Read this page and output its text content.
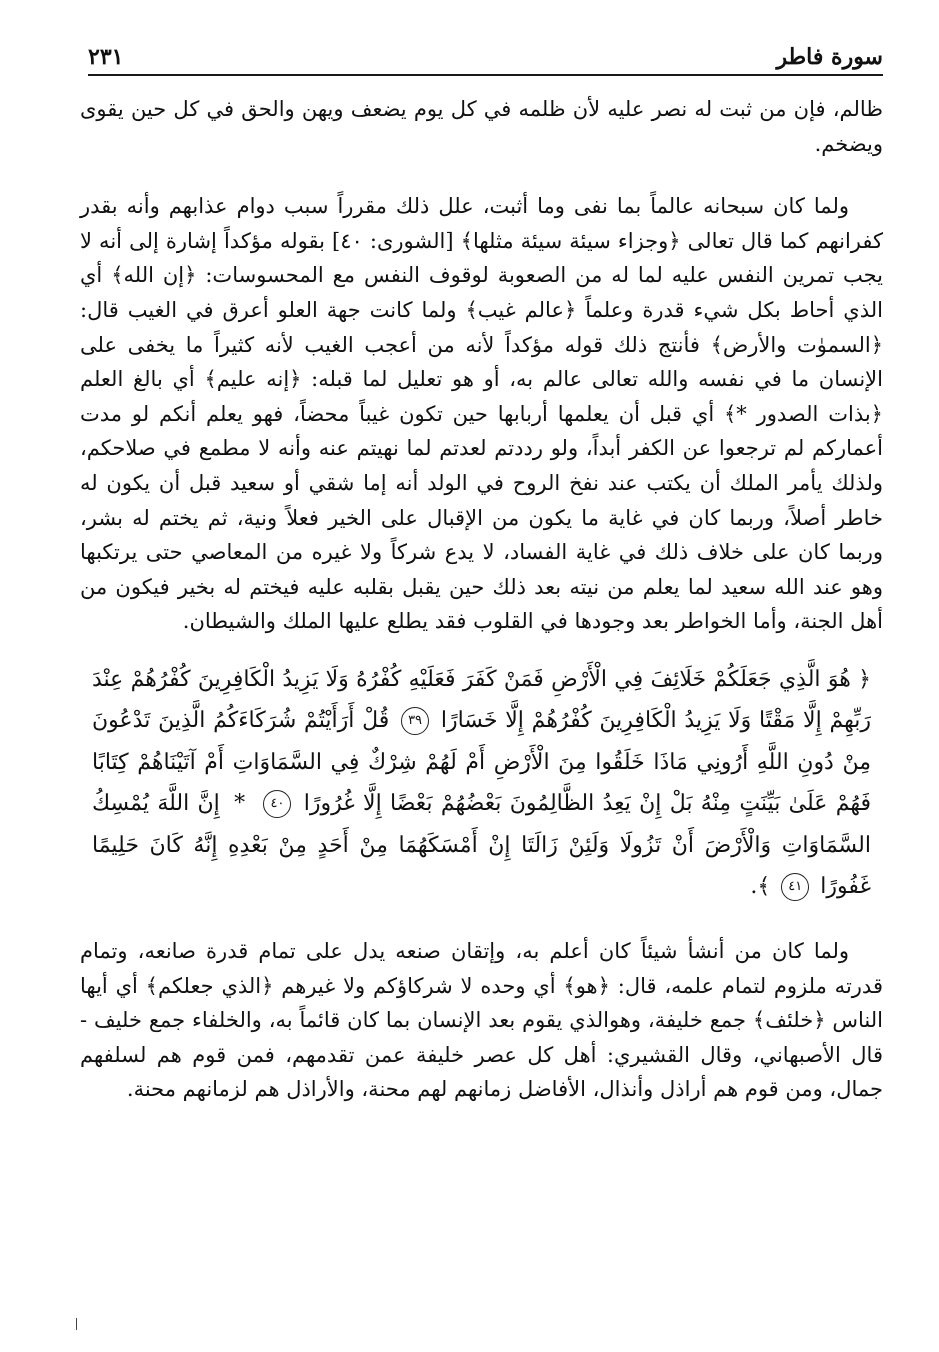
سورة فاطر
٢٣١

ظالم، فإن من ثبت له نصر عليه لأن ظلمه في كل يوم يضعف ويهن والحق في كل حين يقوى ويضخم.

ولما كان سبحانه عالماً بما نفى وما أثبت، علل ذلك مقرراً سبب دوام عذابهم وأنه بقدر كفرانهم كما قال تعالى ﴿وجزاء سيئة سيئة مثلها﴾ [الشورى: ٤٠] بقوله مؤكداً إشارة إلى أنه لا يجب تمرين النفس عليه لما له من الصعوبة لوقوف النفس مع المحسوسات: ﴿إن الله﴾ أي الذي أحاط بكل شيء قدرة وعلماً ﴿عالم غيب﴾ ولما كانت جهة العلو أعرق في الغيب قال: ﴿السموٰت والأرض﴾ فأنتج ذلك قوله مؤكداً لأنه من أعجب الغيب لأنه كثيراً ما يخفى على الإنسان ما في نفسه والله تعالى عالم به، أو هو تعليل لما قبله: ﴿إنه عليم﴾ أي بالغ العلم ﴿بذات الصدور *﴾ أي قبل أن يعلمها أربابها حين تكون غيباً محضاً، فهو يعلم أنكم لو مدت أعماركم لم ترجعوا عن الكفر أبداً، ولو رددتم لعدتم لما نهيتم عنه وأنه لا مطمع في صلاحكم، ولذلك يأمر الملك أن يكتب عند نفخ الروح في الولد أنه إما شقي أو سعيد قبل أن يكون له خاطر أصلاً، وربما كان في غاية ما يكون من الإقبال على الخير فعلاً ونية، ثم يختم له بشر، وربما كان على خلاف ذلك في غاية الفساد، لا يدع شركاً ولا غيره من المعاصي حتى يرتكبها وهو عند الله سعيد لما يعلم من نيته بعد ذلك حين يقبل بقلبه عليه فيختم له بخير فيكون من أهل الجنة، وأما الخواطر بعد وجودها في القلوب فقد يطلع عليها الملك والشيطان.

﴿ هُوَ الَّذِي جَعَلَكُمْ خَلَائِفَ فِي الْأَرْضِ فَمَنْ كَفَرَ فَعَلَيْهِ كُفْرُهُ وَلَا يَزِيدُ الْكَافِرِينَ كُفْرُهُمْ عِنْدَ رَبِّهِمْ إِلَّا مَقْتًا وَلَا يَزِيدُ الْكَافِرِينَ كُفْرُهُمْ إِلَّا خَسَارًا ٣٩ قُلْ أَرَأَيْتُمْ شُرَكَاءَكُمُ الَّذِينَ تَدْعُونَ مِنْ دُونِ اللَّهِ أَرُونِي مَاذَا خَلَقُوا مِنَ الْأَرْضِ أَمْ لَهُمْ شِرْكٌ فِي السَّمَاوَاتِ أَمْ آتَيْنَاهُمْ كِتَابًا فَهُمْ عَلَىٰ بَيِّنَتٍ مِنْهُ بَلْ إِنْ يَعِدُ الظَّالِمُونَ بَعْضُهُمْ بَعْضًا إِلَّا غُرُورًا ٤٠ * إِنَّ اللَّهَ يُمْسِكُ السَّمَاوَاتِ وَالْأَرْضَ أَنْ تَزُولَا وَلَئِنْ زَالَتَا إِنْ أَمْسَكَهُمَا مِنْ أَحَدٍ مِنْ بَعْدِهِ إِنَّهُ كَانَ حَلِيمًا غَفُورًا ٤١ ﴾.

ولما كان من أنشأ شيئاً كان أعلم به، وإتقان صنعه يدل على تمام قدرة صانعه، وتمام قدرته ملزوم لتمام علمه، قال: ﴿هو﴾ أي وحده لا شركاؤكم ولا غيرهم ﴿الذي جعلكم﴾ أي أيها الناس ﴿خلئف﴾ جمع خليفة، وهوالذي يقوم بعد الإنسان بما كان قائماً به، والخلفاء جمع خليف - قال الأصبهاني، وقال القشيري: أهل كل عصر خليفة عمن تقدمهم، فمن قوم هم لسلفهم جمال، ومن قوم هم أراذل وأنذال، الأفاضل زمانهم لهم محنة، والأراذل هم لزمانهم محنة.
